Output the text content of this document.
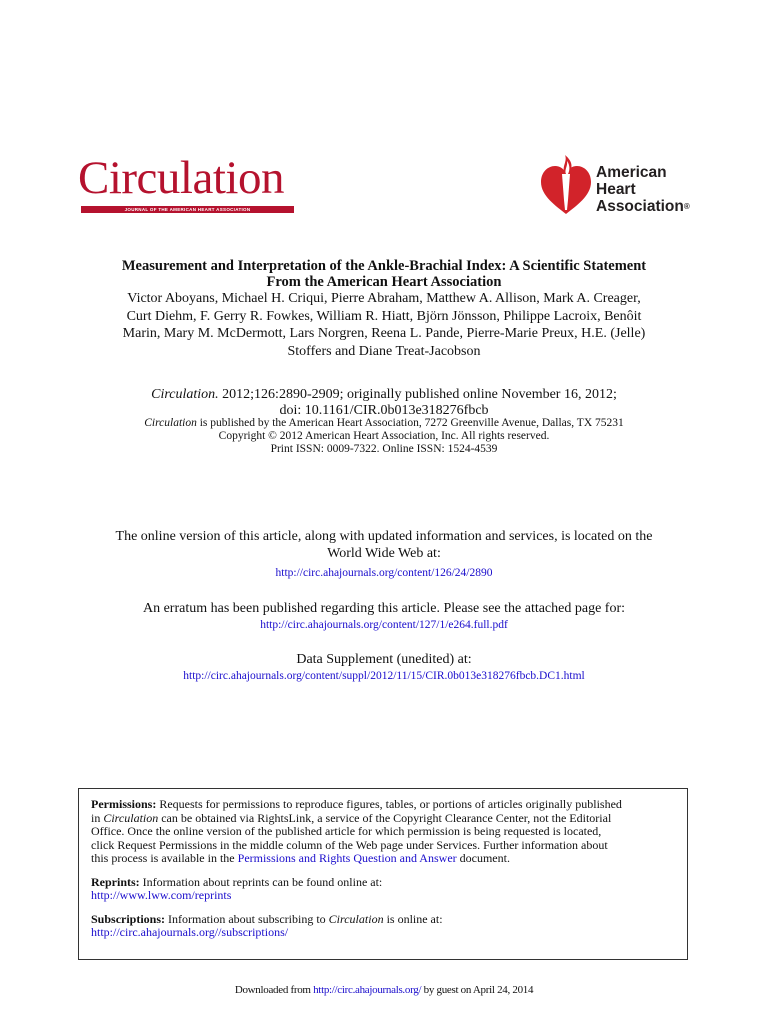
Circulation
JOURNAL OF THE AMERICAN HEART ASSOCIATION
American
Heart
Association®
Measurement and Interpretation of the Ankle-Brachial Index: A Scientific Statement
From the American Heart Association
Victor Aboyans, Michael H. Criqui, Pierre Abraham, Matthew A. Allison, Mark A. Creager,
Curt Diehm, F. Gerry R. Fowkes, William R. Hiatt, Björn Jönsson, Philippe Lacroix, Benôit
Marin, Mary M. McDermott, Lars Norgren, Reena L. Pande, Pierre-Marie Preux, H.E. (Jelle)
Stoffers and Diane Treat-Jacobson
Circulation. 2012;126:2890-2909; originally published online November 16, 2012;
doi: 10.1161/CIR.0b013e318276fbcb
Circulation is published by the American Heart Association, 7272 Greenville Avenue, Dallas, TX 75231
Copyright © 2012 American Heart Association, Inc. All rights reserved.
Print ISSN: 0009-7322. Online ISSN: 1524-4539
The online version of this article, along with updated information and services, is located on the
World Wide Web at:
http://circ.ahajournals.org/content/126/24/2890
An erratum has been published regarding this article. Please see the attached page for:
http://circ.ahajournals.org/content/127/1/e264.full.pdf
Data Supplement (unedited) at:
http://circ.ahajournals.org/content/suppl/2012/11/15/CIR.0b013e318276fbcb.DC1.html

Permissions: Requests for permissions to reproduce figures, tables, or portions of articles originally published
in Circulation can be obtained via RightsLink, a service of the Copyright Clearance Center, not the Editorial
Office. Once the online version of the published article for which permission is being requested is located,
click Request Permissions in the middle column of the Web page under Services. Further information about
this process is available in the Permissions and Rights Question and Answer document.

Reprints: Information about reprints can be found online at:
http://www.lww.com/reprints

Subscriptions: Information about subscribing to Circulation is online at:
http://circ.ahajournals.org//subscriptions/

Downloaded from http://circ.ahajournals.org/ by guest on April 24, 2014
